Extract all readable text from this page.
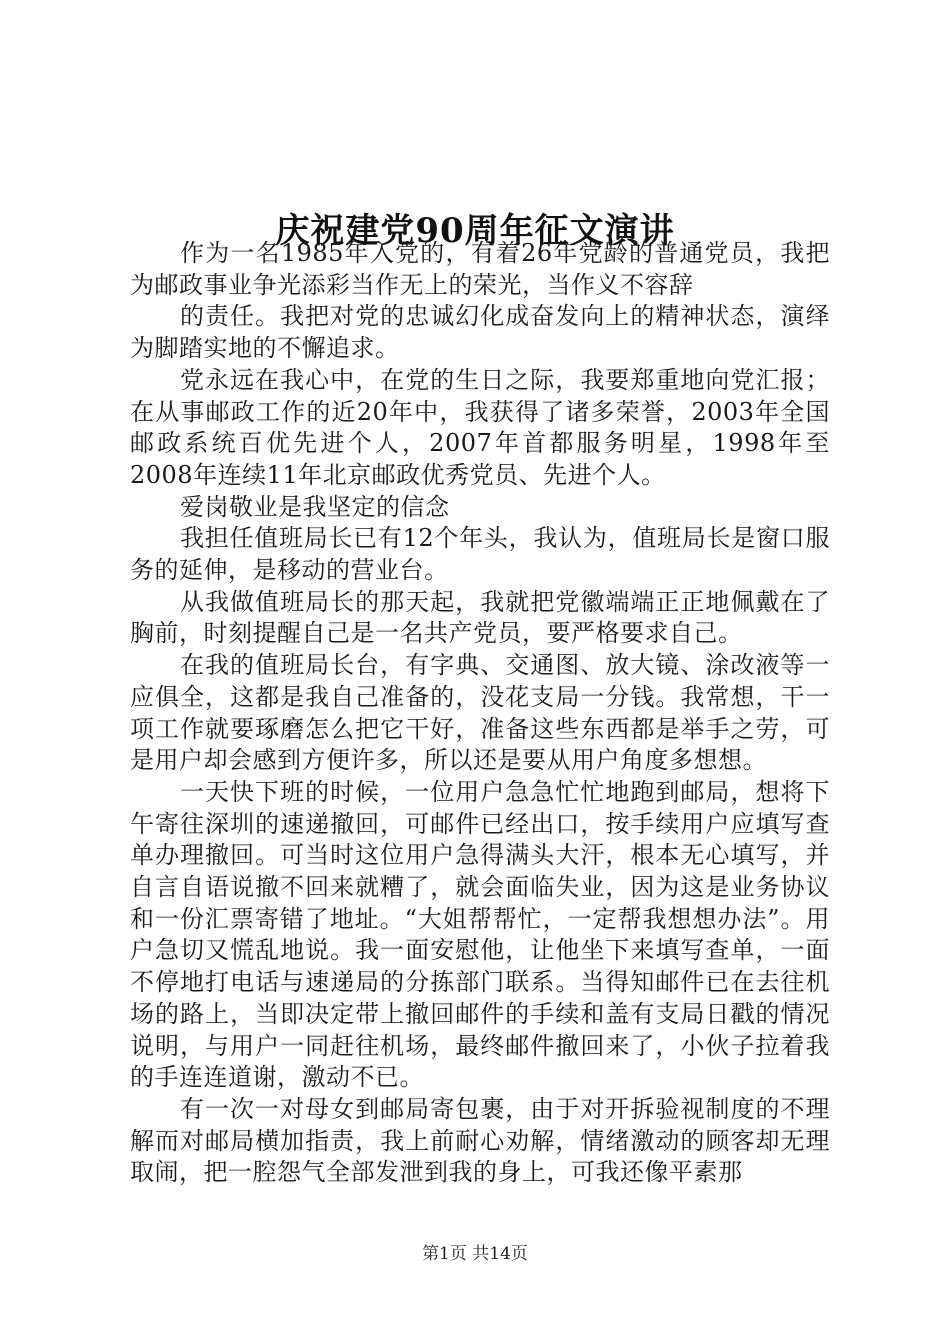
庆祝建党90周年征文演讲

作为一名1985年入党的，有着26年党龄的普通党员，我把为邮政事业争光添彩当作无上的荣光，当作义不容辞

的责任。我把对党的忠诚幻化成奋发向上的精神状态，演绎为脚踏实地的不懈追求。

党永远在我心中，在党的生日之际，我要郑重地向党汇报；在从事邮政工作的近20年中，我获得了诸多荣誉，2003年全国邮政系统百优先进个人，2007年首都服务明星，1998年至2008年连续11年北京邮政优秀党员、先进个人。

爱岗敬业是我坚定的信念

我担任值班局长已有12个年头，我认为，值班局长是窗口服务的延伸，是移动的营业台。

从我做值班局长的那天起，我就把党徽端端正正地佩戴在了胸前，时刻提醒自己是一名共产党员，要严格要求自己。

在我的值班局长台，有字典、交通图、放大镜、涂改液等一应俱全，这都是我自己准备的，没花支局一分钱。我常想，干一项工作就要琢磨怎么把它干好，准备这些东西都是举手之劳，可是用户却会感到方便许多，所以还是要从用户角度多想想。

一天快下班的时候，一位用户急急忙忙地跑到邮局，想将下午寄往深圳的速递撤回，可邮件已经出口，按手续用户应填写查单办理撤回。可当时这位用户急得满头大汗，根本无心填写，并自言自语说撤不回来就糟了，就会面临失业，因为这是业务协议和一份汇票寄错了地址。“大姐帮帮忙，一定帮我想想办法”。用户急切又慌乱地说。我一面安慰他，让他坐下来填写查单，一面不停地打电话与速递局的分拣部门联系。当得知邮件已在去往机场的路上，当即决定带上撤回邮件的手续和盖有支局日戳的情况说明，与用户一同赶往机场，最终邮件撤回来了，小伙子拉着我的手连连道谢，激动不已。

有一次一对母女到邮局寄包裹，由于对开拆验视制度的不理解而对邮局横加指责，我上前耐心劝解，情绪激动的顾客却无理取闹，把一腔怨气全部发泄到我的身上，可我还像平素那

第1页 共14页
